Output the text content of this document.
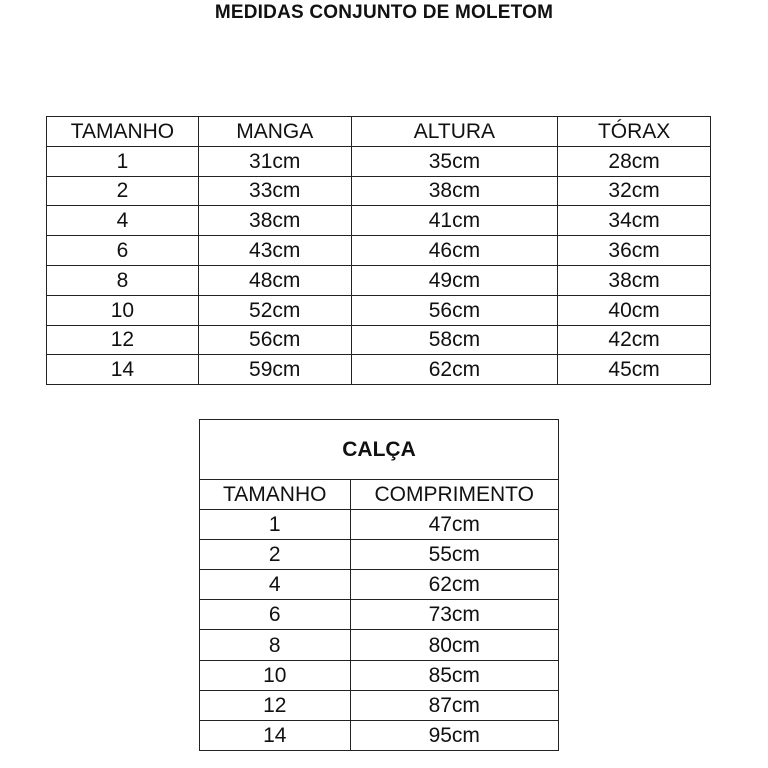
MEDIDAS CONJUNTO DE MOLETOM
TAMANHO	MANGA	ALTURA	TÓRAX
1	31cm	35cm	28cm
2	33cm	38cm	32cm
4	38cm	41cm	34cm
6	43cm	46cm	36cm
8	48cm	49cm	38cm
10	52cm	56cm	40cm
12	56cm	58cm	42cm
14	59cm	62cm	45cm
CALÇA	
TAMANHO	COMPRIMENTO
1	47cm
2	55cm
4	62cm
6	73cm
8	80cm
10	85cm
12	87cm
14	95cm
